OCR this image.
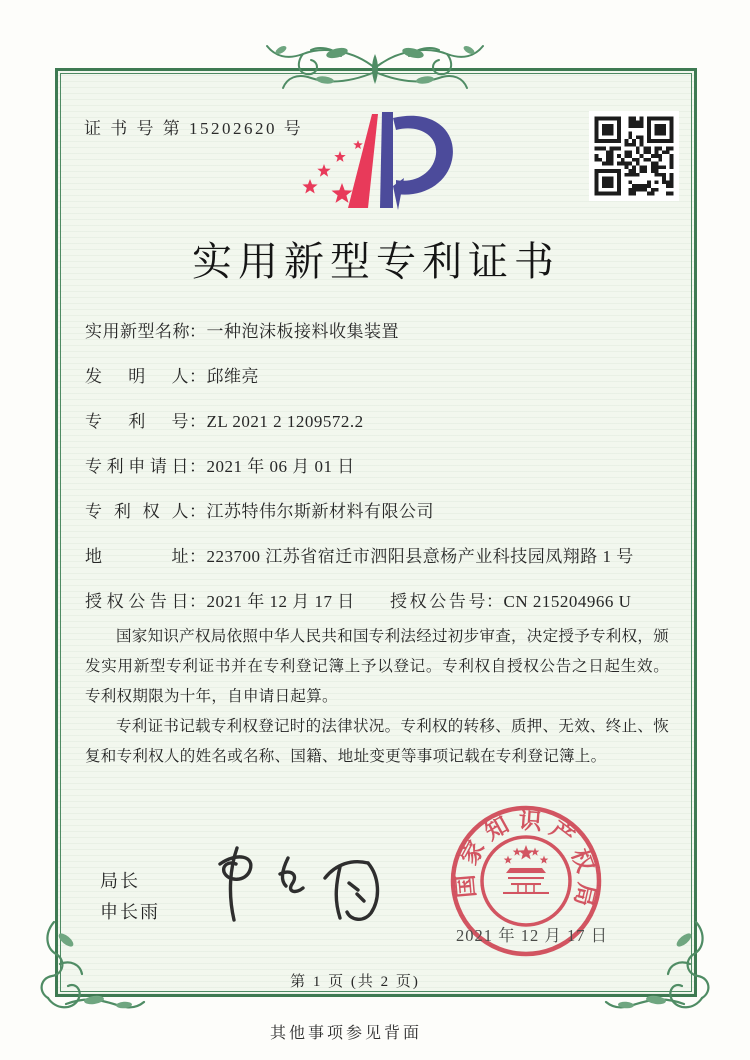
证 书 号 第 15202620 号
实用新型专利证书
实用新型名称：一种泡沫板接料收集装置
发明人：邱维亮
专利号：ZL 2021 2 1209572.2
专利申请日：2021 年 06 月 01 日
专利权人：江苏特伟尔斯新材料有限公司
地址：223700 江苏省宿迁市泗阳县意杨产业科技园凤翔路 1 号
授权公告日：2021 年 12 月 17 日 授权公告号：CN 215204966 U

国家知识产权局依照中华人民共和国专利法经过初步审查，决定授予专利权，颁发实用新型专利证书并在专利登记簿上予以登记。专利权自授权公告之日起生效。专利权期限为十年，自申请日起算。

专利证书记载专利权登记时的法律状况。专利权的转移、质押、无效、终止、恢复和专利权人的姓名或名称、国籍、地址变更等事项记载在专利登记簿上。

局长
申长雨
国
家
知 识 产
权
局
2021 年 12 月 17 日
第 1 页 (共 2 页)
其他事项参见背面
